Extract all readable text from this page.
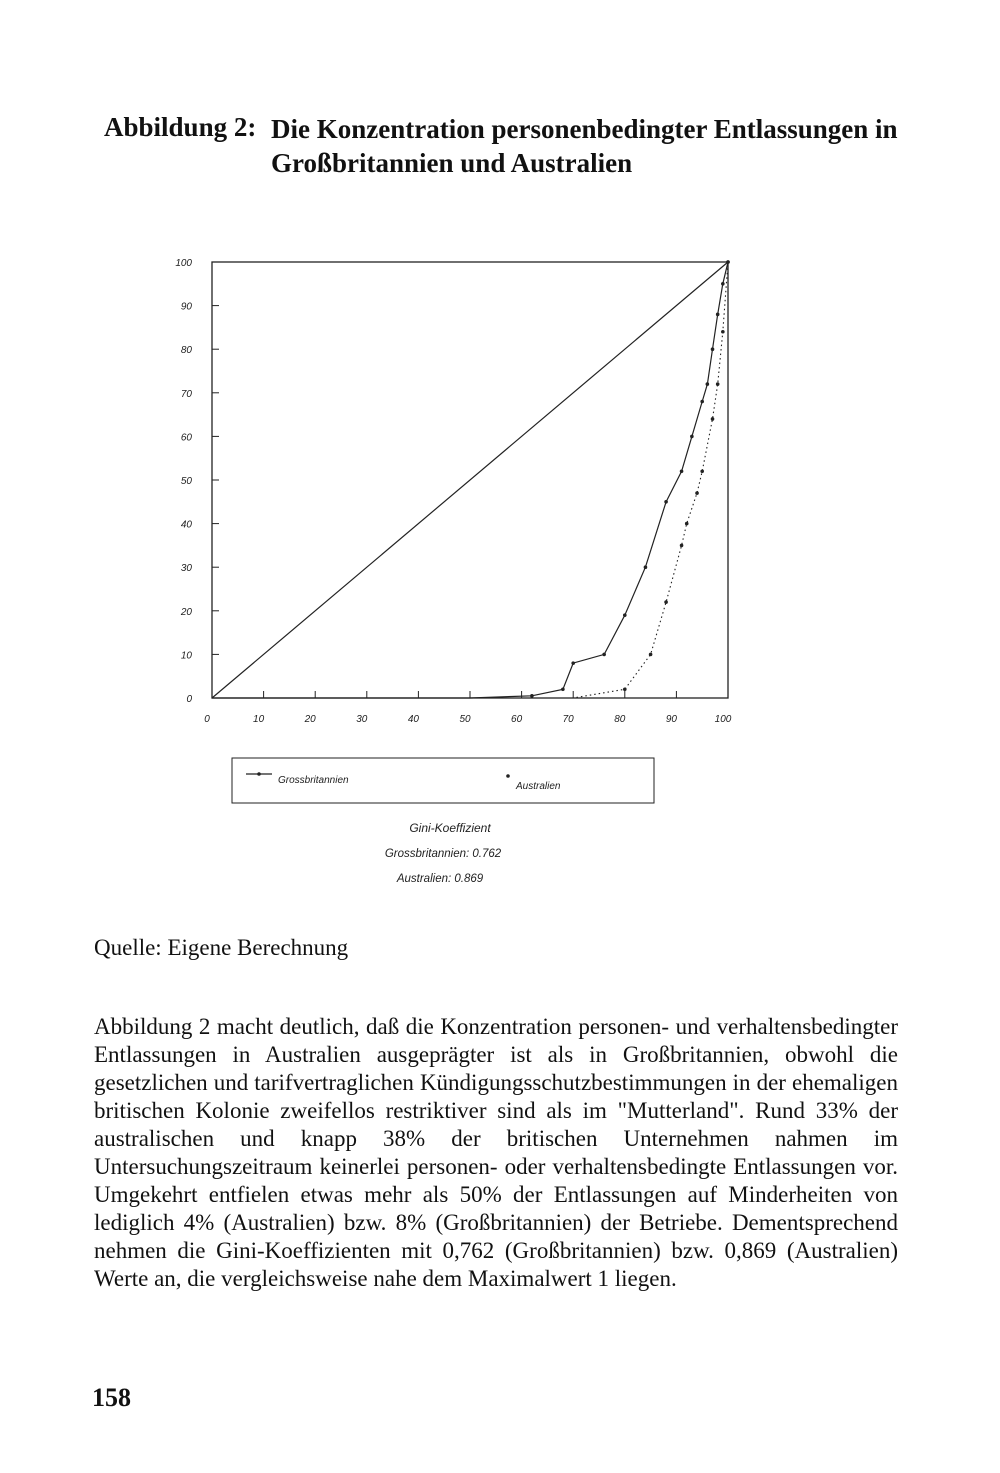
Abbildung 2: Die Konzentration personenbedingter Entlassungen in Großbritannien und Australien
0
10
20
30
40
50
60
70
80
90
100
0	10	20	30	40	50	60	70	80	90	100
Grossbritannien
Australien
Gini-Koeffizient
Grossbritannien: 0.762
Australien: 0.869
Quelle: Eigene Berechnung
Abbildung 2 macht deutlich, daß die Konzentration personen- und verhaltensbedingter Entlassungen in Australien ausgeprägter ist als in Großbritannien, obwohl die gesetzlichen und tarifvertraglichen Kündigungsschutzbestimmungen in der ehemaligen britischen Kolonie zweifellos restriktiver sind als im "Mutterland". Rund 33% der australischen und knapp 38% der britischen Unternehmen nahmen im Untersuchungszeitraum keinerlei personen- oder verhaltensbedingte Entlassungen vor. Umgekehrt entfielen etwas mehr als 50% der Entlassungen auf Minderheiten von lediglich 4% (Australien) bzw. 8% (Großbritannien) der Betriebe. Dementsprechend nehmen die Gini-Koeffizienten mit 0,762 (Großbritannien) bzw. 0,869 (Australien) Werte an, die vergleichsweise nahe dem Maximalwert 1 liegen.
158
